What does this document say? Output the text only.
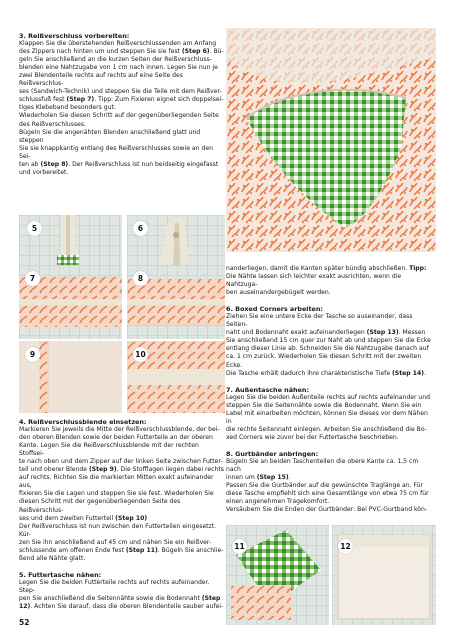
3. Reißverschluss vorbereiten:

Klappen Sie die überstehenden Reißverschlussenden am Anfang

des Zippers nach hinten um und steppen Sie sie fest (Step 6). Bü-

geln Sie anschließend an die kurzen Seiten der Reißverschluss-

blenden eine Nahtzugabe von 1 cm nach innen. Legen Sie nun je

zwei Blendenteile rechts auf rechts auf eine Seite des Reißverschlus-

ses (Sandwich-Technik) und steppen Sie die Teile mit dem Reißver-

schlussfuß fest (Step 7). Tipp: Zum Fixieren eignet sich doppelsei-

tiges Klebeband besonders gut.

Wiederholen Sie diesen Schritt auf der gegenüberliegenden Seite

des Reißverschlusses.

Bügeln Sie die angenähten Blenden anschließend glatt und steppen

Sie sie knappkantig entlang des Reißverschlusses sowie an den Sei-

ten ab (Step 8). Der Reißverschluss ist nun beidseitig eingefasst

und vorbereitet.

4. Reißverschlussblende einsetzen:

Markieren Sie jeweils die Mitte der Reißverschlussblende, der bei-

den oberen Blenden sowie der beiden Futterteile an der oberen

Kante. Legen Sie die Reißverschlussblende mit der rechten Stoffsei-

te nach oben und dem Zipper auf der linken Seite zwischen Futter-

teil und oberer Blende (Step 9). Die Stofflagen liegen dabei rechts

auf rechts. Richten Sie die markierten Mitten exakt aufeinander aus,

fixieren Sie die Lagen und steppen Sie sie fest. Wiederholen Sie

diesen Schritt mit der gegenüberliegenden Seite des Reißverschlus-

ses und dem zweiten Futterteil (Step 10)

Der Reißverschluss ist nun zwischen den Futterteilen eingesetzt. Kür-

zen Sie ihn anschließend auf 45 cm und nähen Sie ein Reißver-

schlussende am offenen Ende fest (Step 11). Bügeln Sie anschlie-

ßend alle Nähte glatt.

5. Futtertasche nähen:

Legen Sie die beiden Futterteile rechts auf rechts aufeinander. Step-

pen Sie anschließend die Seitennähte sowie die Bodennaht (Step

12). Achten Sie darauf, dass die oberen Blendenteile sauber aufei-

nanderliegen, damit die Kanten später bündig abschließen. Tipp:

Die Nähte lassen sich leichter exakt ausrichten, wenn die Nahtzuga-

ben auseinandergebügelt werden.

6. Boxed Corners arbeiten:

Ziehen Sie eine untere Ecke der Tasche so auseinander, dass Seiten-

naht und Bodennaht exakt aufeinanderliegen (Step 13). Messen

Sie anschließend 15 cm quer zur Naht ab und steppen Sie die Ecke

entlang dieser Linie ab. Schneiden Sie die Nahtzugabe danach auf

ca. 1 cm zurück. Wiederholen Sie diesen Schritt mit der zweiten Ecke.

Die Tasche erhält dadurch ihre charakteristische Tiefe (Step 14).

7. Außentasche nähen:

Legen Sie die beiden Außenteile rechts auf rechts aufeinander und

steppen Sie die Seitennähte sowie die Bodennaht. Wenn Sie ein

Label mit einarbeiten möchten, können Sie dieses vor dem Nähen in

die rechte Seitennaht einlegen. Arbeiten Sie anschließend die Bo-

xed Corners wie zuvor bei der Futtertasche beschrieben.

8. Gurtbänder anbringen:

Bügeln Sie an beiden Taschenteilen die obere Kante ca. 1,5 cm nach

innen um (Step 15).

Passen Sie die Gurtbänder auf die gewünschte Traglänge an. Für

diese Tasche empfiehlt sich eine Gesamtlänge von etwa 75 cm für

einen angenehmen Tragekomfort.

Versäubern Sie die Enden der Gurtbänder: Bei PVC-Gurtband kön-

52
5	6
7	8
9	10
11	12
